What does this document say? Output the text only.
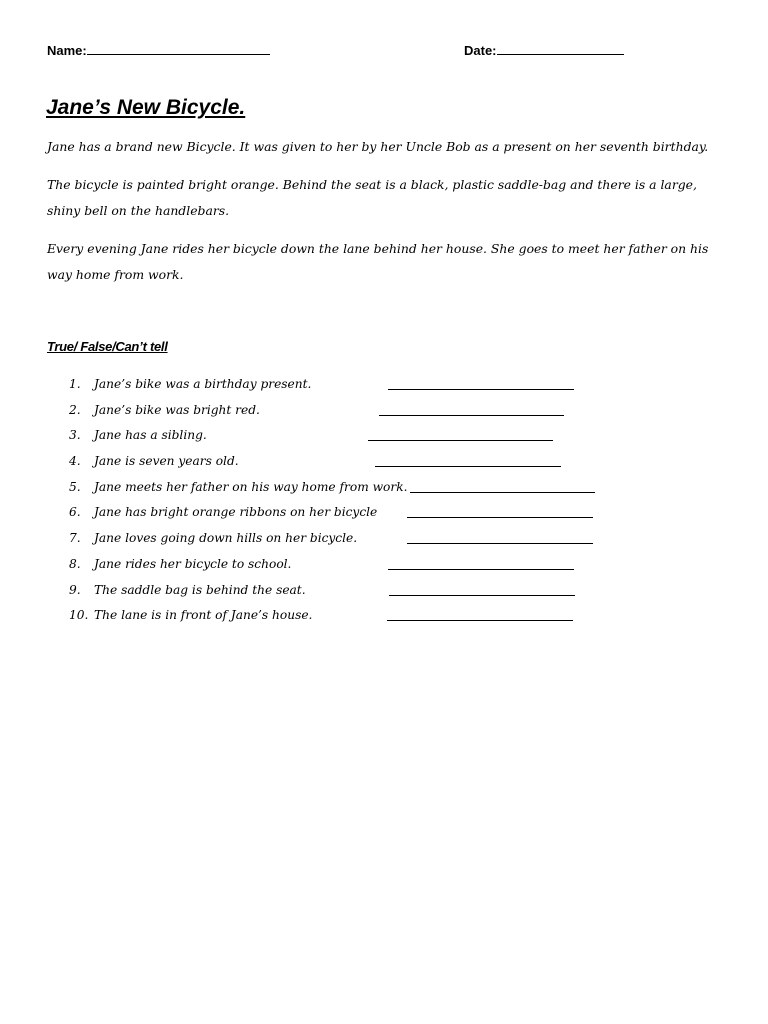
Name:	Date:
Jane’s New Bicycle.

Jane has a brand new Bicycle. It was given to her by her Uncle Bob as a present on her seventh birthday.

The bicycle is painted bright orange. Behind the seat is a black, plastic saddle-bag and there is a large, shiny bell on the handlebars.

Every evening Jane rides her bicycle down the lane behind her house. She goes to meet her father on his way home from work.

True/ False/Can’t tell
1.	Jane’s bike was a birthday present.
2.	Jane’s bike was bright red.
3.	Jane has a sibling.
4.	Jane is seven years old.
5.	Jane meets her father on his way home from work.
6.	Jane has bright orange ribbons on her bicycle
7.	Jane loves going down hills on her bicycle.
8.	Jane rides her bicycle to school.
9.	The saddle bag is behind the seat.
10. The lane is in front of Jane’s house.
